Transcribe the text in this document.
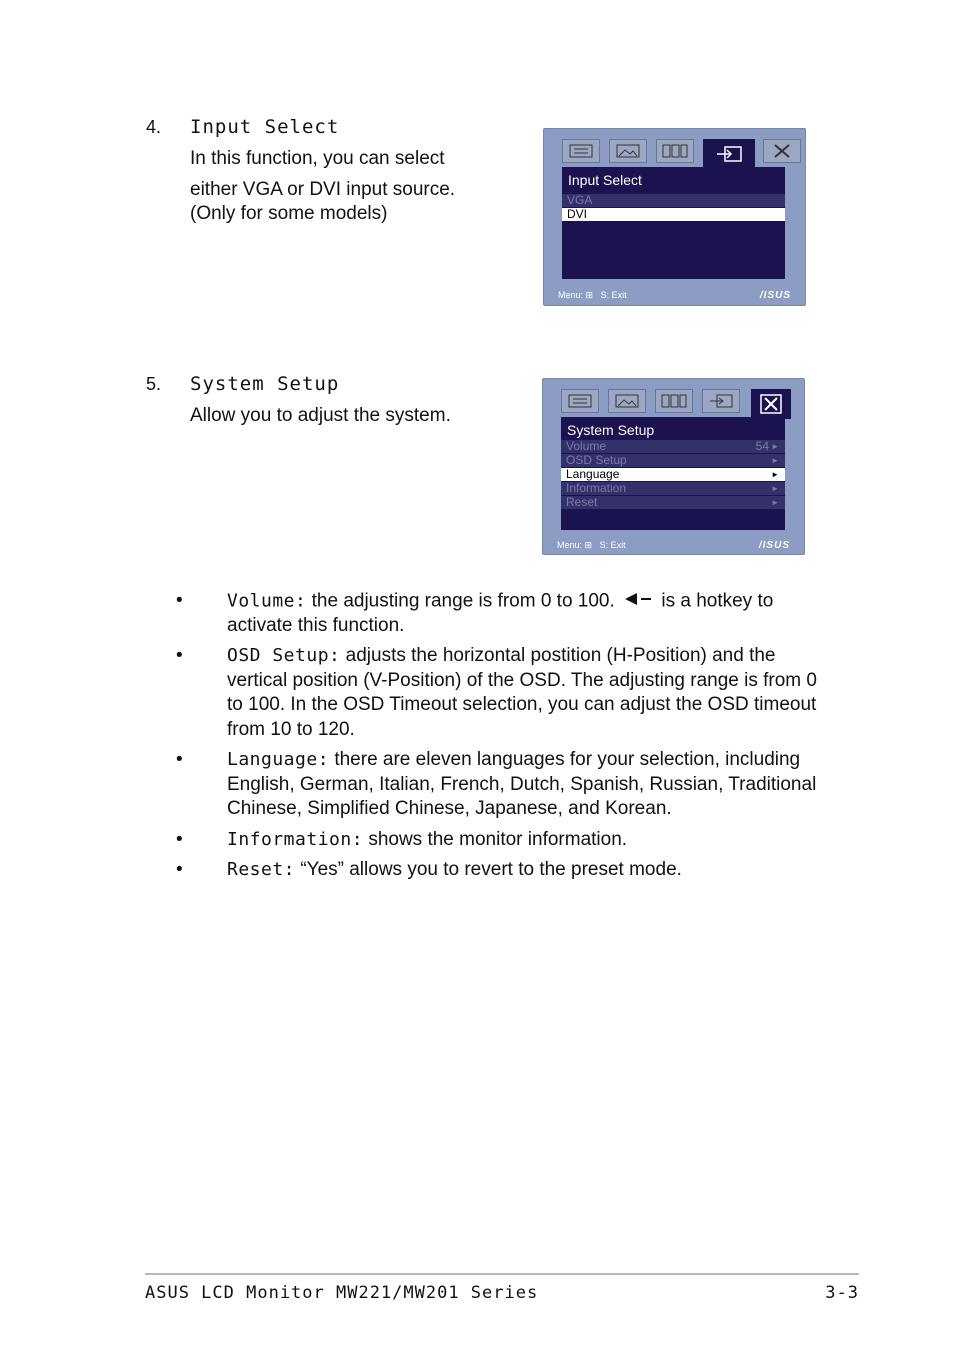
4. Input Select
In this function, you can select
either VGA or DVI input source.
(Only for some models)
Input Select
VGA
DVI
Menu: ⊞ S: Exit	/ISUS
5. System Setup
Allow you to adjust the system.
System Setup
Volume	54 ►
OSD Setup	►
Language	►
Information	►
Reset	►
Menu: ⊞ S: Exit	/ISUS
• Volume: the adjusting range is from 0 to 100. is a hotkey to activate this function.
• OSD Setup: adjusts the horizontal postition (H-Position) and the vertical position (V-Position) of the OSD. The adjusting range is from 0 to 100. In the OSD Timeout selection, you can adjust the OSD timeout from 10 to 120.
• Language: there are eleven languages for your selection, including English, German, Italian, French, Dutch, Spanish, Russian, Traditional Chinese, Simplified Chinese, Japanese, and Korean.
• Information: shows the monitor information.
• Reset: “Yes” allows you to revert to the preset mode.
ASUS LCD Monitor MW221/MW201 Series	3-3
